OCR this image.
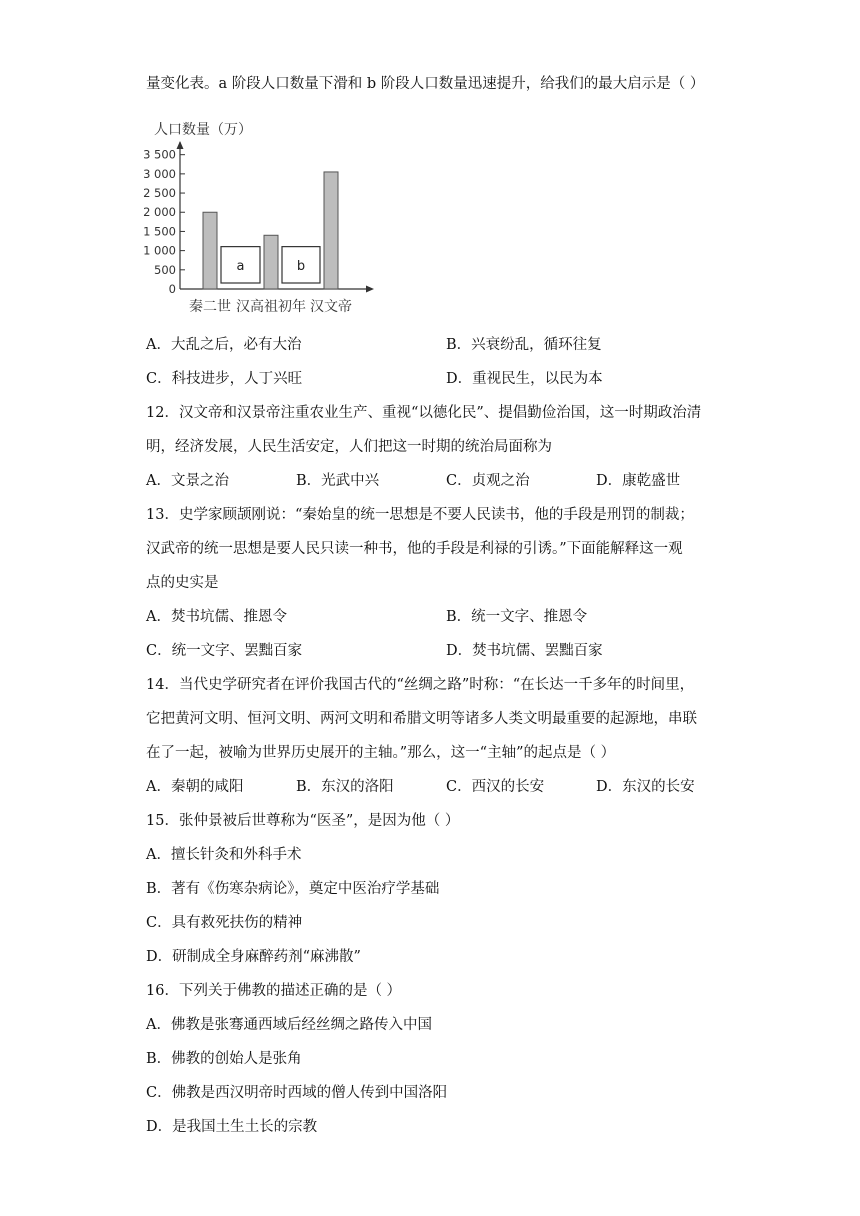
量变化表。a 阶段人口数量下滑和 b 阶段人口数量迅速提升，给我们的最大启示是（ ）
人口数量（万）
0
500
1 000
1 500
2 000
2 500
3 000
3 500
a	b
秦二世 汉高祖初年 汉文帝
A．大乱之后，必有大治	B．兴衰纷乱，循环往复
C．科技进步，人丁兴旺	D．重视民生，以民为本
12．汉文帝和汉景帝注重农业生产、重视“以德化民”、提倡勤俭治国，这一时期政治清
明，经济发展，人民生活安定，人们把这一时期的统治局面称为
A．文景之治	B．光武中兴	C．贞观之治	D．康乾盛世
13．史学家顾颉刚说：“秦始皇的统一思想是不要人民读书，他的手段是刑罚的制裁；
汉武帝的统一思想是要人民只读一种书，他的手段是利禄的引诱。”下面能解释这一观
点的史实是
A．焚书坑儒、推恩令	B．统一文字、推恩令
C．统一文字、罢黜百家	D．焚书坑儒、罢黜百家
14．当代史学研究者在评价我国古代的“丝绸之路”时称：“在长达一千多年的时间里，
它把黄河文明、恒河文明、两河文明和希腊文明等诸多人类文明最重要的起源地，串联
在了一起，被喻为世界历史展开的主轴。”那么，这一“主轴”的起点是（ ）
A．秦朝的咸阳	B．东汉的洛阳	C．西汉的长安	D．东汉的长安
15．张仲景被后世尊称为“医圣”，是因为他（ ）
A．擅长针灸和外科手术
B．著有《伤寒杂病论》，奠定中医治疗学基础
C．具有救死扶伤的精神
D．研制成全身麻醉药剂“麻沸散”
16．下列关于佛教的描述正确的是（ ）
A．佛教是张骞通西域后经丝绸之路传入中国
B．佛教的创始人是张角
C．佛教是西汉明帝时西域的僧人传到中国洛阳
D．是我国土生土长的宗教
